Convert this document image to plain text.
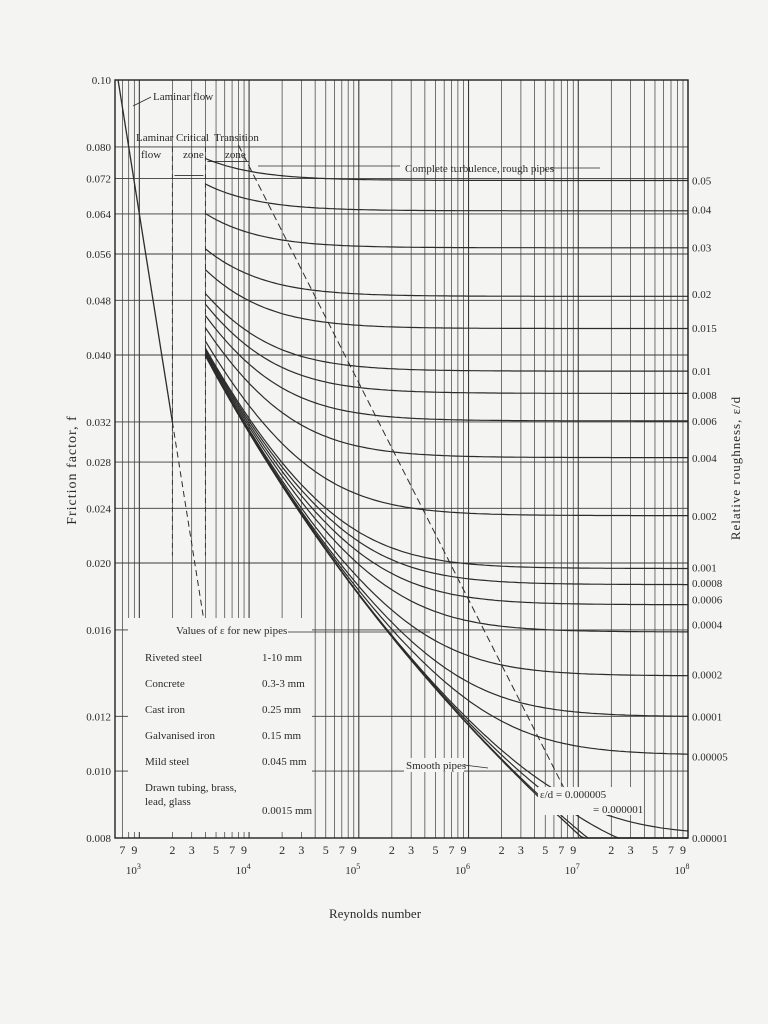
0.10
0.080
0.072
0.064
0.056
0.048
0.040
0.032
0.028
0.024
0.020
0.016
0.012
0.010
0.008
0.05
0.04
0.03
0.02
0.015
0.01
0.008
0.006
0.004
0.002
0.001
0.0008
0.0006
0.0004
0.0002
0.0001
0.00005
0.00001
7 9	2 3 5 7 9	2 3 5 7 9	2 3 5 7 9	2 3 5 7 9	2 3 5 7 9
$10^3$	$10^4$	$10^5$	$10^6$	$10^7$	$10^8$
Laminar flow
Laminar
flow
Critical
zone
Transition
zone
Complete turbulence, rough pipes
Smooth pipes
ε/d = 0.000005
= 0.000001
Values of ε for new pipes
Riveted steel	1-10 mm
Concrete	0.3-3 mm
Cast iron	0.25 mm
Galvanised iron	0.15 mm
Mild steel	0.045 mm
Drawn tubing, brass,
lead, glass
0.0015 mm
Reynolds number
Friction factor, f	Relative roughness, ε/d
